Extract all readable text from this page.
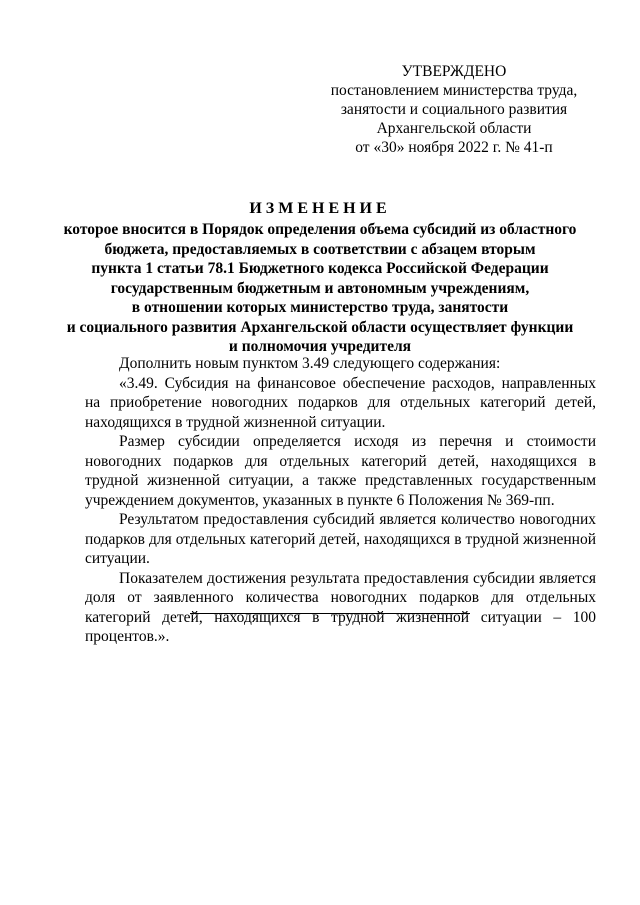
УТВЕРЖДЕНО
постановлением министерства труда,
занятости и социального развития
Архангельской области
от «30» ноября 2022 г. № 41-п
ИЗМЕНЕНИЕ
которое вносится в Порядок определения объема субсидий из областного
бюджета, предоставляемых в соответствии с абзацем вторым
пункта 1 статьи 78.1 Бюджетного кодекса Российской Федерации
государственным бюджетным и автономным учреждениям,
в отношении которых министерство труда, занятости
и социального развития Архангельской области осуществляет функции
и полномочия учредителя

Дополнить новым пунктом 3.49 следующего содержания:

«3.49. Субсидия на финансовое обеспечение расходов, направленных на приобретение новогодних подарков для отдельных категорий детей, находящихся в трудной жизненной ситуации.

Размер субсидии определяется исходя из перечня и стоимости новогодних подарков для отдельных категорий детей, находящихся в трудной жизненной ситуации, а также представленных государственным учреждением документов, указанных в пункте 6 Положения № 369-пп.

Результатом предоставления субсидий является количество новогодних подарков для отдельных категорий детей, находящихся в трудной жизненной ситуации.

Показателем достижения результата предоставления субсидии является доля от заявленного количества новогодних подарков для отдельных категорий детей, находящихся в трудной жизненной ситуации – 100 процентов.».
